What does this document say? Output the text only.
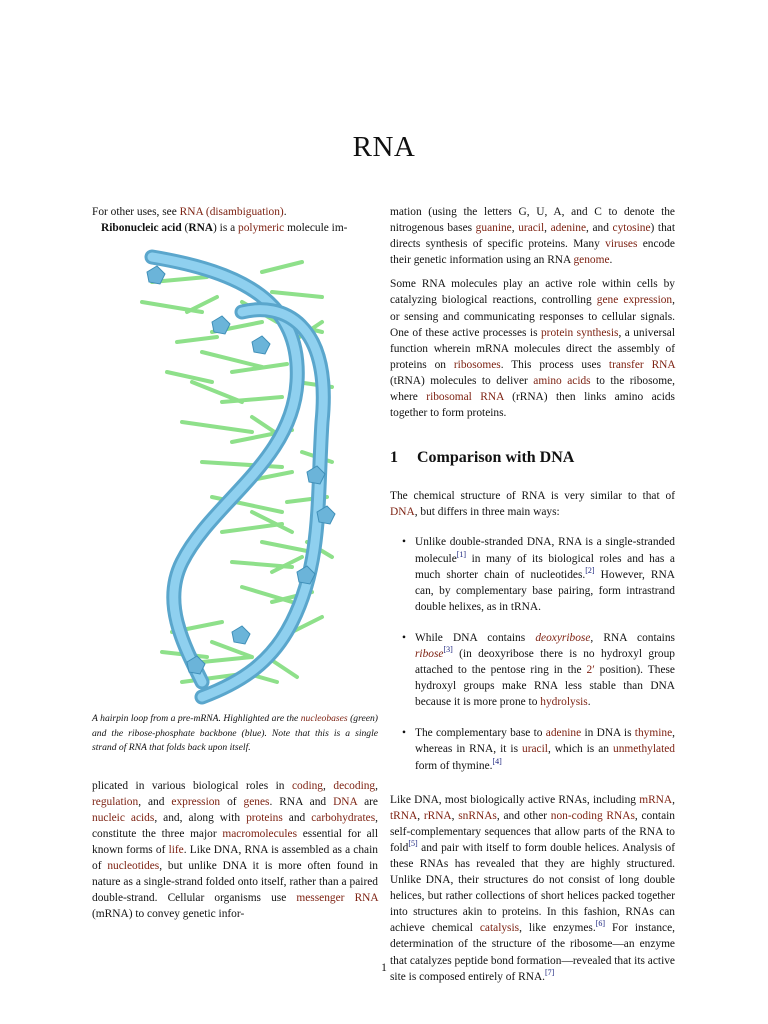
RNA

For other uses, see RNA (disambiguation).

Ribonucleic acid (RNA) is a polymeric molecule im-

A hairpin loop from a pre-mRNA. Highlighted are the nucleobases (green) and the ribose-phosphate backbone (blue). Note that this is a single strand of RNA that folds back upon itself.

plicated in various biological roles in coding, decoding, regulation, and expression of genes. RNA and DNA are nucleic acids, and, along with proteins and carbohydrates, constitute the three major macromolecules essential for all known forms of life. Like DNA, RNA is assembled as a chain of nucleotides, but unlike DNA it is more often found in nature as a single-strand folded onto itself, rather than a paired double-strand. Cellular organisms use messenger RNA (mRNA) to convey genetic infor-

mation (using the letters G, U, A, and C to denote the nitrogenous bases guanine, uracil, adenine, and cytosine) that directs synthesis of specific proteins. Many viruses encode their genetic information using an RNA genome.

Some RNA molecules play an active role within cells by catalyzing biological reactions, controlling gene expression, or sensing and communicating responses to cellular signals. One of these active processes is protein synthesis, a universal function wherein mRNA molecules direct the assembly of proteins on ribosomes. This process uses transfer RNA (tRNA) molecules to deliver amino acids to the ribosome, where ribosomal RNA (rRNA) then links amino acids together to form proteins.

1 Comparison with DNA

The chemical structure of RNA is very similar to that of DNA, but differs in three main ways:

• Unlike double-stranded DNA, RNA is a single-stranded molecule[1] in many of its biological roles and has a much shorter chain of nucleotides.[2] However, RNA can, by complementary base pairing, form intrastrand double helixes, as in tRNA.
• While DNA contains deoxyribose, RNA contains ribose[3] (in deoxyribose there is no hydroxyl group attached to the pentose ring in the 2′ position). These hydroxyl groups make RNA less stable than DNA because it is more prone to hydrolysis.
• The complementary base to adenine in DNA is thymine, whereas in RNA, it is uracil, which is an unmethylated form of thymine.[4]

Like DNA, most biologically active RNAs, including mRNA, tRNA, rRNA, snRNAs, and other non-coding RNAs, contain self-complementary sequences that allow parts of the RNA to fold[5] and pair with itself to form double helices. Analysis of these RNAs has revealed that they are highly structured. Unlike DNA, their structures do not consist of long double helices, but rather collections of short helices packed together into structures akin to proteins. In this fashion, RNAs can achieve chemical catalysis, like enzymes.[6] For instance, determination of the structure of the ribosome—an enzyme that catalyzes peptide bond formation—revealed that its active site is composed entirely of RNA.[7]

1
